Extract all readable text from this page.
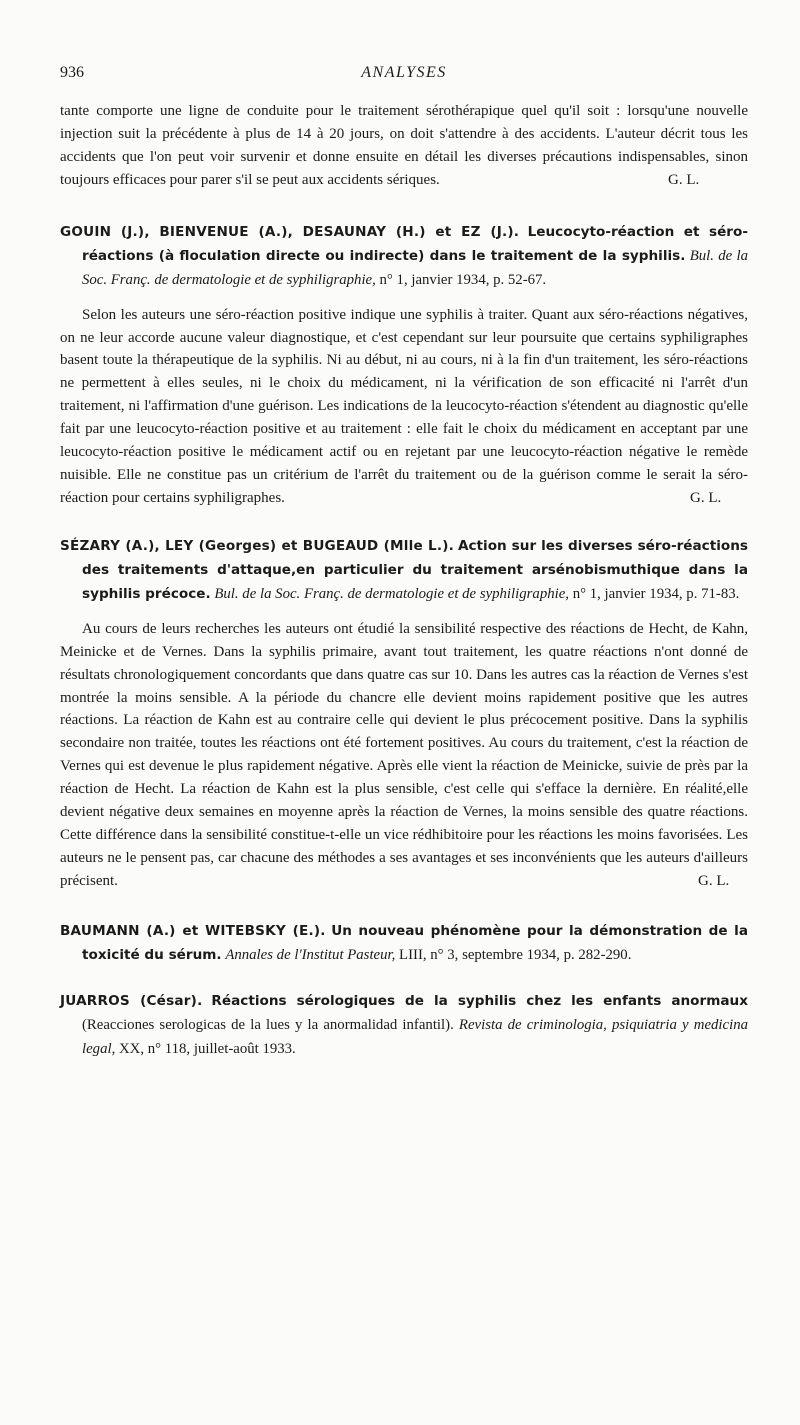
936	ANALYSES

tante comporte une ligne de conduite pour le traitement sérothérapique quel qu'il soit : lorsqu'une nouvelle injection suit la précédente à plus de 14 à 20 jours, on doit s'attendre à des accidents. L'auteur décrit tous les accidents que l'on peut voir survenir et donne ensuite en détail les diverses précautions indispensables, sinon toujours efficaces pour parer s'il se peut aux accidents sériques.	G. L.

GOUIN (J.), BIENVENUE (A.), DESAUNAY (H.) et EZ (J.). Leucocyto-réaction et séro-réactions (à floculation directe ou indirecte) dans le traitement de la syphilis. Bul. de la Soc. Franç. de dermatologie et de syphiligraphie, n° 1, janvier 1934, p. 52-67.

Selon les auteurs une séro-réaction positive indique une syphilis à traiter. Quant aux séro-réactions négatives, on ne leur accorde aucune valeur diagnostique, et c'est cependant sur leur poursuite que certains syphiligraphes basent toute la thérapeutique de la syphilis. Ni au début, ni au cours, ni à la fin d'un traitement, les séro-réactions ne permettent à elles seules, ni le choix du médicament, ni la vérification de son efficacité ni l'arrêt d'un traitement, ni l'affirmation d'une guérison. Les indications de la leucocyto-réaction s'étendent au diagnostic qu'elle fait par une leucocyto-réaction positive et au traitement : elle fait le choix du médicament en acceptant par une leucocyto-réaction positive le médicament actif ou en rejetant par une leucocyto-réaction négative le remède nuisible. Elle ne constitue pas un critérium de l'arrêt du traitement ou de la guérison comme le serait la séro-réaction pour certains syphiligraphes.	G. L.

SÉZARY (A.), LEY (Georges) et BUGEAUD (Mlle L.). Action sur les diverses séro-réactions des traitements d'attaque,en particulier du traitement arsénobismuthique dans la syphilis précoce. Bul. de la Soc. Franç. de dermatologie et de syphiligraphie, n° 1, janvier 1934, p. 71-83.

Au cours de leurs recherches les auteurs ont étudié la sensibilité respective des réactions de Hecht, de Kahn, Meinicke et de Vernes. Dans la syphilis primaire, avant tout traitement, les quatre réactions n'ont donné de résultats chronologiquement concordants que dans quatre cas sur 10. Dans les autres cas la réaction de Vernes s'est montrée la moins sensible. A la période du chancre elle devient moins rapidement positive que les autres réactions. La réaction de Kahn est au contraire celle qui devient le plus précocement positive. Dans la syphilis secondaire non traitée, toutes les réactions ont été fortement positives. Au cours du traitement, c'est la réaction de Vernes qui est devenue le plus rapidement négative. Après elle vient la réaction de Meinicke, suivie de près par la réaction de Hecht. La réaction de Kahn est la plus sensible, c'est celle qui s'efface la dernière. En réalité,elle devient négative deux semaines en moyenne après la réaction de Vernes, la moins sensible des quatre réactions. Cette différence dans la sensibilité constitue-t-elle un vice rédhibitoire pour les réactions les moins favorisées. Les auteurs ne le pensent pas, car chacune des méthodes a ses avantages et ses inconvénients que les auteurs d'ailleurs précisent.	G. L.

BAUMANN (A.) et WITEBSKY (E.). Un nouveau phénomène pour la démonstration de la toxicité du sérum. Annales de l'Institut Pasteur, LIII, n° 3, septembre 1934, p. 282-290.

JUARROS (César). Réactions sérologiques de la syphilis chez les enfants anormaux (Reacciones serologicas de la lues y la anormalidad infantil). Revista de criminologia, psiquiatria y medicina legal, XX, n° 118, juillet-août 1933.
